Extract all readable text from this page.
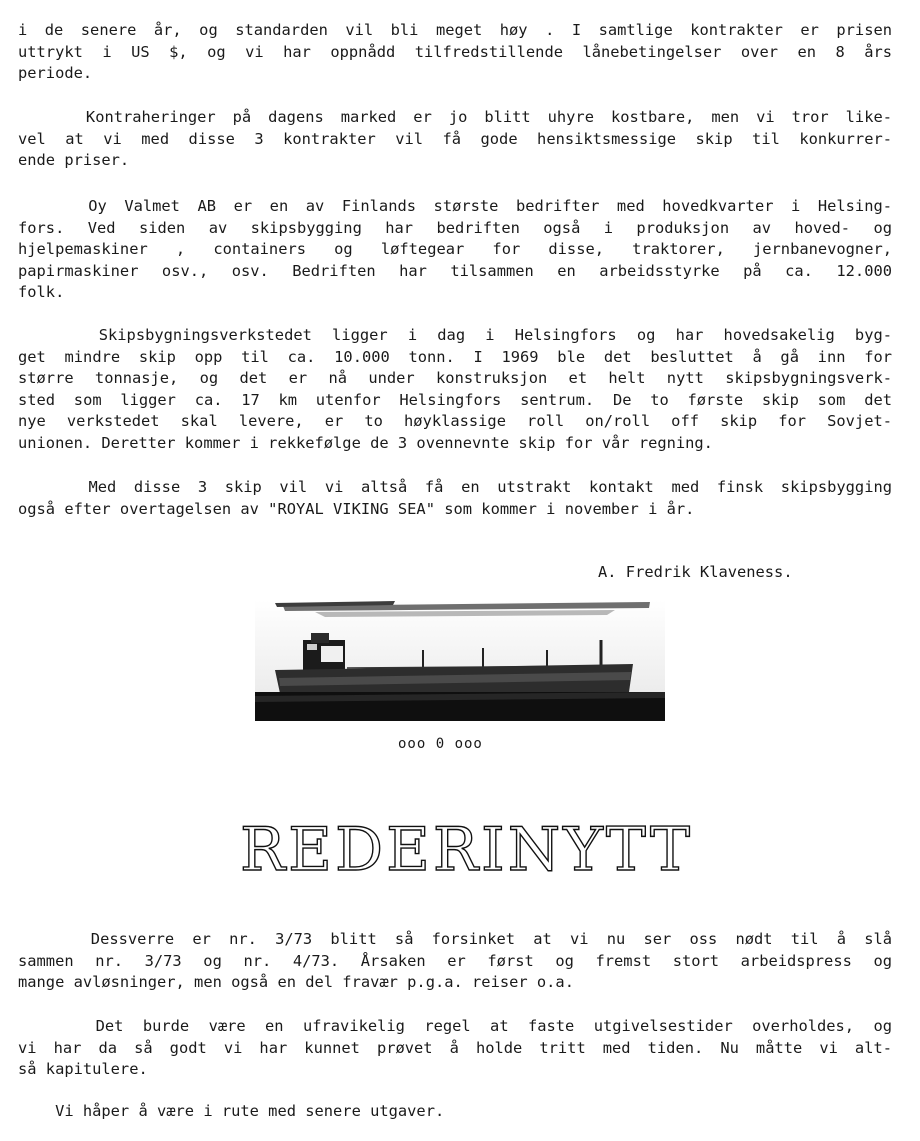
i de senere år, og standarden vil bli meget høy . I samtlige kontrakter er prisen
uttrykt i US $, og vi har oppnådd tilfredstillende lånebetingelser over en 8 års
periode.
Kontraheringer på dagens marked er jo blitt uhyre kostbare, men vi tror like-
vel at vi med disse 3 kontrakter vil få gode hensiktsmessige skip til konkurrer-
ende priser.
Oy Valmet AB er en av Finlands største bedrifter med hovedkvarter i Helsing-
fors. Ved siden av skipsbygging har bedriften også i produksjon av hoved- og
hjelpemaskiner , containers og løftegear for disse, traktorer, jernbanevogner,
papirmaskiner osv., osv. Bedriften har tilsammen en arbeidsstyrke på ca. 12.000
folk.
Skipsbygningsverkstedet ligger i dag i Helsingfors og har hovedsakelig byg-
get mindre skip opp til ca. 10.000 tonn. I 1969 ble det besluttet å gå inn for
større tonnasje, og det er nå under konstruksjon et helt nytt skipsbygningsverk-
sted som ligger ca. 17 km utenfor Helsingfors sentrum. De to første skip som det
nye verkstedet skal levere, er to høyklassige roll on/roll off skip for Sovjet-
unionen. Deretter kommer i rekkefølge de 3 ovennevnte skip for vår regning.
Med disse 3 skip vil vi altså få en utstrakt kontakt med finsk skipsbygging
også efter overtagelsen av "ROYAL VIKING SEA" som kommer i november i år.
A. Fredrik Klaveness.
ooo 0 ooo
REDERINYTT
Dessverre er nr. 3/73 blitt så forsinket at vi nu ser oss nødt til å slå
sammen nr. 3/73 og nr. 4/73. Årsaken er først og fremst stort arbeidspress og
mange avløsninger, men også en del fravær p.g.a. reiser o.a.
Det burde være en ufravikelig regel at faste utgivelsestider overholdes, og
vi har da så godt vi har kunnet prøvet å holde tritt med tiden. Nu måtte vi alt-
så kapitulere.
Vi håper å være i rute med senere utgaver.
